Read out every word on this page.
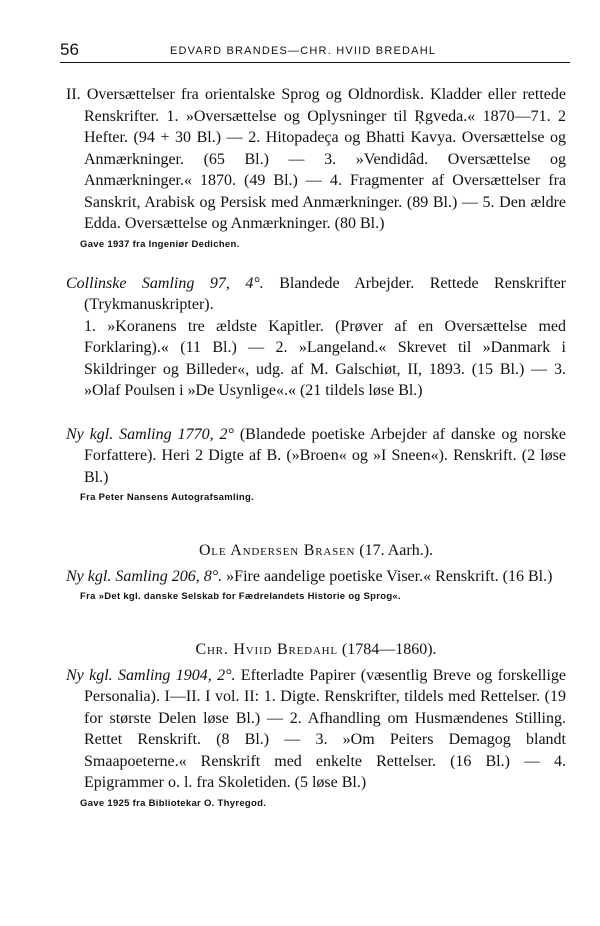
56	EDVARD BRANDES—CHR. HVIID BREDAHL

II. Oversættelser fra orientalske Sprog og Oldnordisk. Kladder eller rettede Renskrifter. 1. »Oversættelse og Oplysninger til Ŗgveda.« 1870—71. 2 Hefter. (94 + 30 Bl.) — 2. Hitopadeça og Bhatti Kavya. Oversættelse og Anmærkninger. (65 Bl.) — 3. »Vendidâd. Oversættelse og Anmærkninger.« 1870. (49 Bl.) — 4. Fragmenter af Oversættelser fra Sanskrit, Arabisk og Persisk med Anmærkninger. (89 Bl.) — 5. Den ældre Edda. Oversættelse og Anmærkninger. (80 Bl.)

Gave 1937 fra Ingeniør Dedichen.

Collinske Samling 97, 4°. Blandede Arbejder. Rettede Renskrifter (Trykmanuskripter).

1. »Koranens tre ældste Kapitler. (Prøver af en Oversættelse med Forklaring).« (11 Bl.) — 2. »Langeland.« Skrevet til »Danmark i Skildringer og Billeder«, udg. af M. Galschiøt, II, 1893. (15 Bl.) — 3. »Olaf Poulsen i »De Usynlige«.« (21 tildels løse Bl.)

Ny kgl. Samling 1770, 2° (Blandede poetiske Arbejder af danske og norske Forfattere). Heri 2 Digte af B. (»Broen« og »I Sneen«). Renskrift. (2 løse Bl.)

Fra Peter Nansens Autografsamling.
Ole Andersen Brasen (17. Aarh.).

Ny kgl. Samling 206, 8°. »Fire aandelige poetiske Viser.« Renskrift. (16 Bl.)

Fra »Det kgl. danske Selskab for Fædrelandets Historie og Sprog«.
Chr. Hviid Bredahl (1784—1860).

Ny kgl. Samling 1904, 2°. Efterladte Papirer (væsentlig Breve og forskellige Personalia). I—II. I vol. II: 1. Digte. Renskrifter, tildels med Rettelser. (19 for største Delen løse Bl.) — 2. Afhandling om Husmændenes Stilling. Rettet Renskrift. (8 Bl.) — 3. »Om Peiters Demagog blandt Smaapoeterne.« Renskrift med enkelte Rettelser. (16 Bl.) — 4. Epigrammer o. l. fra Skoletiden. (5 løse Bl.)

Gave 1925 fra Bibliotekar O. Thyregod.
